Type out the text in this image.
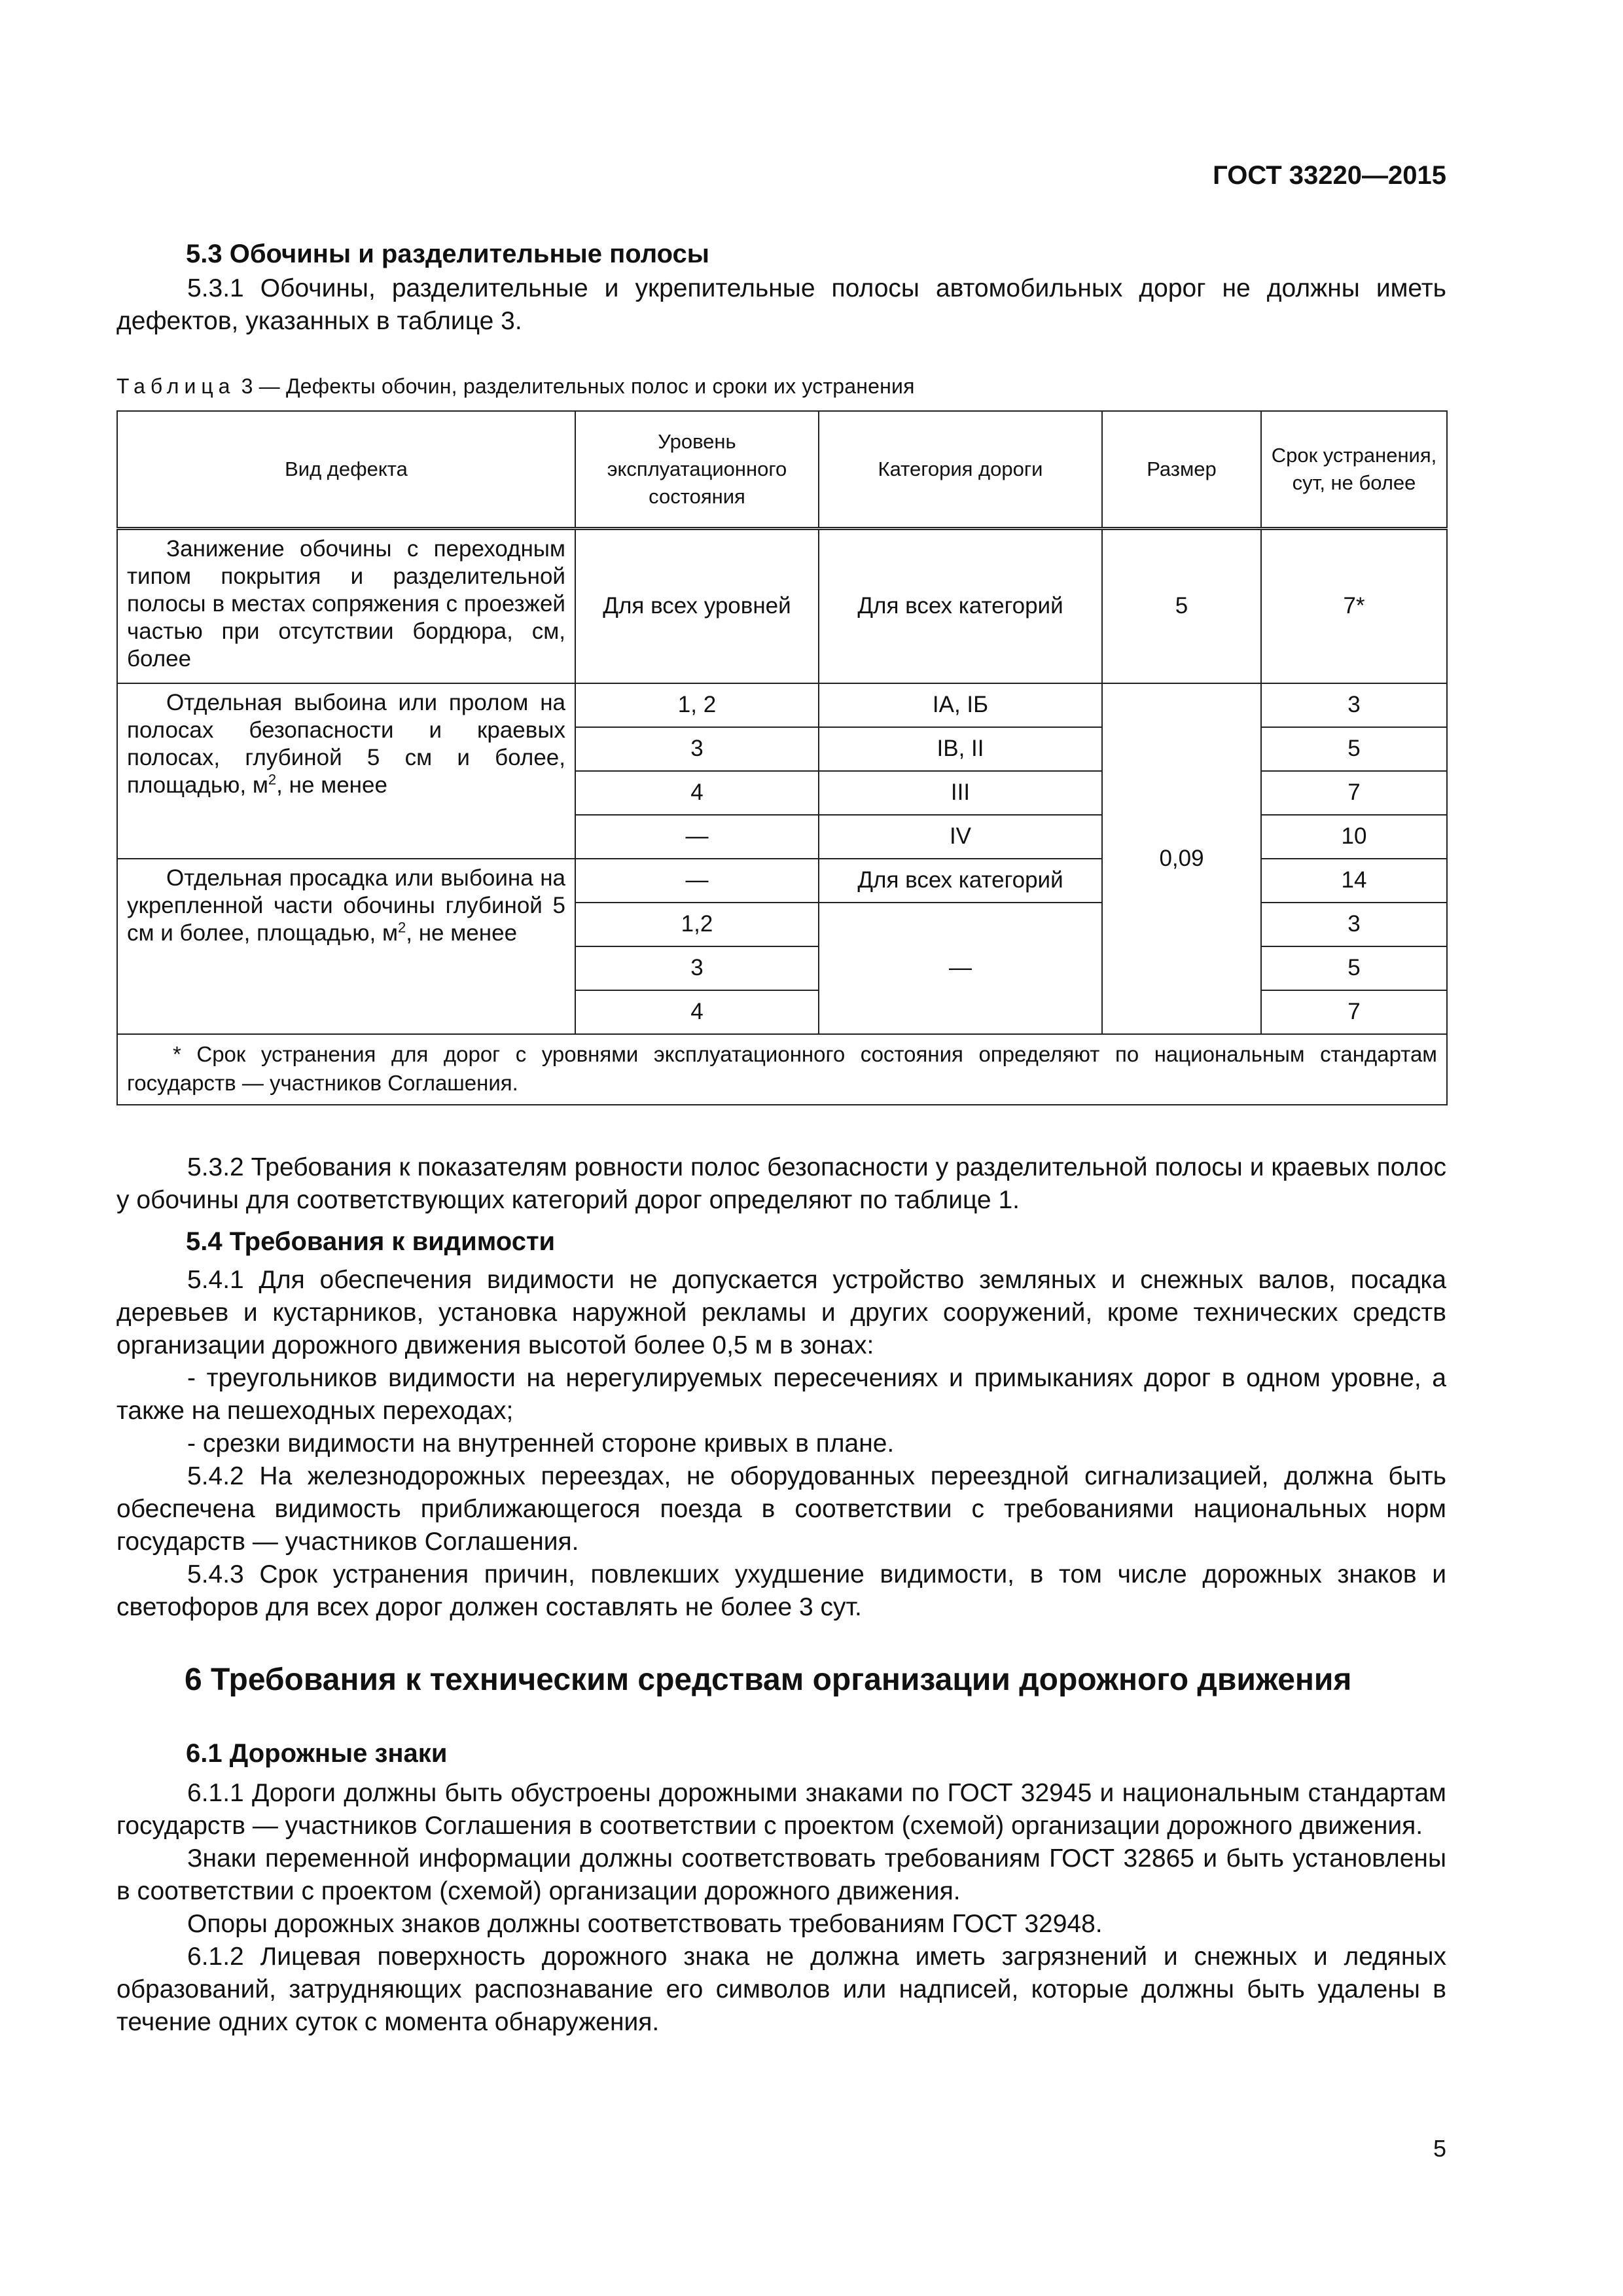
ГОСТ 33220—2015
5.3 Обочины и разделительные полосы

5.3.1 Обочины, разделительные и укрепительные полосы автомобильных дорог не должны иметь дефектов, указанных в таблице 3.

Таблица 3 — Дефекты обочин, разделительных полос и сроки их устранения
Вид дефекта	Уровень эксплуатационного состояния	Категория дороги	Размер	Срок устранения, сут, не более
Занижение обочины с переходным типом покрытия и разделительной полосы в местах сопряжения с проезжей частью при отсутствии бордюра, см, более	Для всех уровней	Для всех категорий	5	7*
Отдельная выбоина или пролом на полосах безопасности и краевых полосах, глубиной 5 см и более, площадью, $м^2$, не менее	1, 2	IA, IБ	0,09	3
	3	IB, II		5
	4	III		7
	—	IV		10
Отдельная просадка или выбоина на укрепленной части обочины глубиной 5 см и более, площадью, $м^2$, не менее	—	Для всех категорий		14
	1,2	—		3
	3			5
	4			7
* Срок устранения для дорог с уровнями эксплуатационного состояния определяют по национальным стандартам государств — участников Соглашения.				

5.3.2 Требования к показателям ровности полос безопасности у разделительной полосы и краевых полос у обочины для соответствующих категорий дорог определяют по таблице 1.

5.4 Требования к видимости

5.4.1 Для обеспечения видимости не допускается устройство земляных и снежных валов, посадка деревьев и кустарников, установка наружной рекламы и других сооружений, кроме технических средств организации дорожного движения высотой более 0,5 м в зонах:

- треугольников видимости на нерегулируемых пересечениях и примыканиях дорог в одном уровне, а также на пешеходных переходах;

- срезки видимости на внутренней стороне кривых в плане.

5.4.2 На железнодорожных переездах, не оборудованных переездной сигнализацией, должна быть обеспечена видимость приближающегося поезда в соответствии с требованиями национальных норм государств — участников Соглашения.

5.4.3 Срок устранения причин, повлекших ухудшение видимости, в том числе дорожных знаков и светофоров для всех дорог должен составлять не более 3 сут.

6 Требования к техническим средствам организации дорожного движения
6.1 Дорожные знаки

6.1.1 Дороги должны быть обустроены дорожными знаками по ГОСТ 32945 и национальным стандартам государств — участников Соглашения в соответствии с проектом (схемой) организации дорожного движения.

Знаки переменной информации должны соответствовать требованиям ГОСТ 32865 и быть установлены в соответствии с проектом (схемой) организации дорожного движения.

Опоры дорожных знаков должны соответствовать требованиям ГОСТ 32948.

6.1.2 Лицевая поверхность дорожного знака не должна иметь загрязнений и снежных и ледяных образований, затрудняющих распознавание его символов или надписей, которые должны быть удалены в течение одних суток с момента обнаружения.

5
